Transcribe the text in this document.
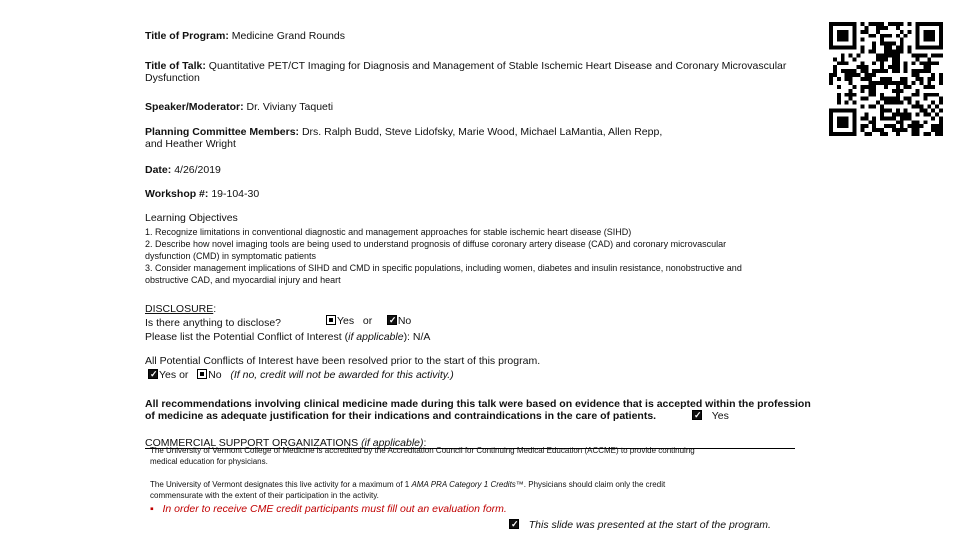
Title of Program: Medicine Grand Rounds
Title of Talk: Quantitative PET/CT Imaging for Diagnosis and Management of Stable Ischemic Heart Disease and Coronary Microvascular
Dysfunction
Speaker/Moderator: Dr. Viviany Taqueti
Planning Committee Members: Drs. Ralph Budd, Steve Lidofsky, Marie Wood, Michael LaMantia, Allen Repp,
and Heather Wright
Date: 4/26/2019
Workshop #: 19-104-30
Learning Objectives
1. Recognize limitations in conventional diagnostic and management approaches for stable ischemic heart disease (SIHD)
2. Describe how novel imaging tools are being used to understand prognosis of diffuse coronary artery disease (CAD) and coronary microvascular
dysfunction (CMD) in symptomatic patients
3. Consider management implications of SIHD and CMD in specific populations, including women, diabetes and insulin resistance, nonobstructive and
obstructive CAD, and myocardial injury and heart
DISCLOSURE:
Is there anything to disclose?	Yes or ✓ No
Please list the Potential Conflict of Interest (if applicable): N/A
All Potential Conflicts of Interest have been resolved prior to the start of this program.
✓Yes or No (If no, credit will not be awarded for this activity.)
All recommendations involving clinical medicine made during this talk were based on evidence that is accepted within the profession
of medicine as adequate justification for their indications and contraindications in the care of patients. ✓	Yes
COMMERCIAL SUPPORT ORGANIZATIONS (if applicable):
The University of Vermont College of Medicine is accredited by the Accreditation Council for Continuing Medical Education (ACCME) to provide continuing
medical education for physicians.
The University of Vermont designates this live activity for a maximum of 1 AMA PRA Category 1 Credits™. Physicians should claim only the credit
commensurate with the extent of their participation in the activity.
▪ In order to receive CME credit participants must fill out an evaluation form.
✓   This slide was presented at the start of the program.
